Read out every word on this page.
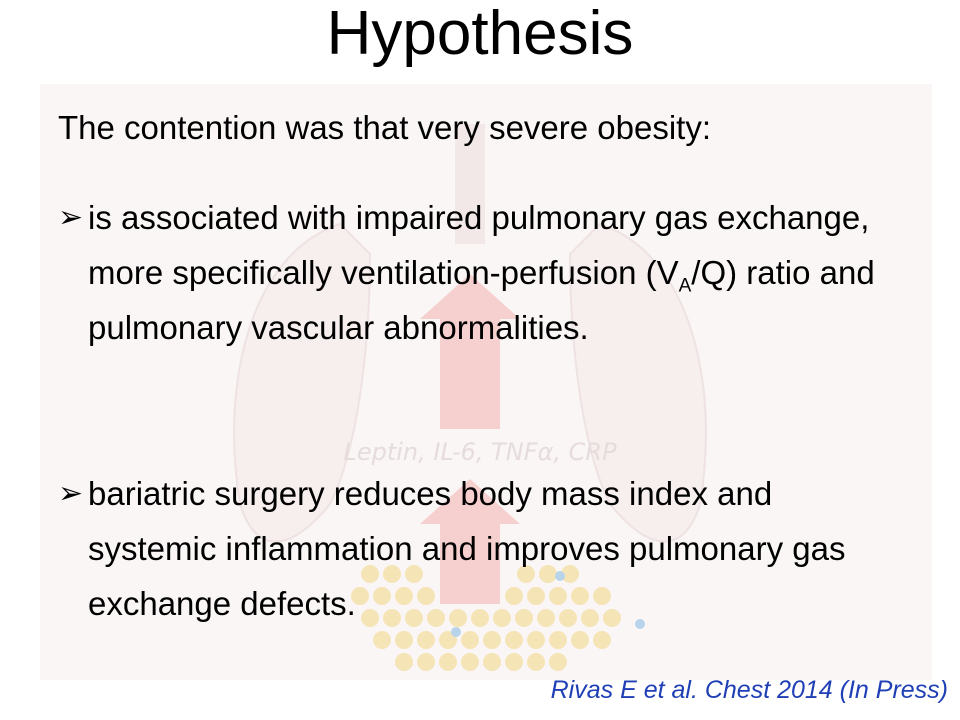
Hypothesis
Leptin, IL-6, TNFα, CRP
The contention was that very severe obesity:
➢ is associated with impaired pulmonary gas exchange, more specifically ventilation-perfusion $(V_A/Q)$ ratio and pulmonary vascular abnormalities.
➢ bariatric surgery reduces body mass index and systemic inflammation and improves pulmonary gas exchange defects.
Rivas E et al. Chest 2014 (In Press)
